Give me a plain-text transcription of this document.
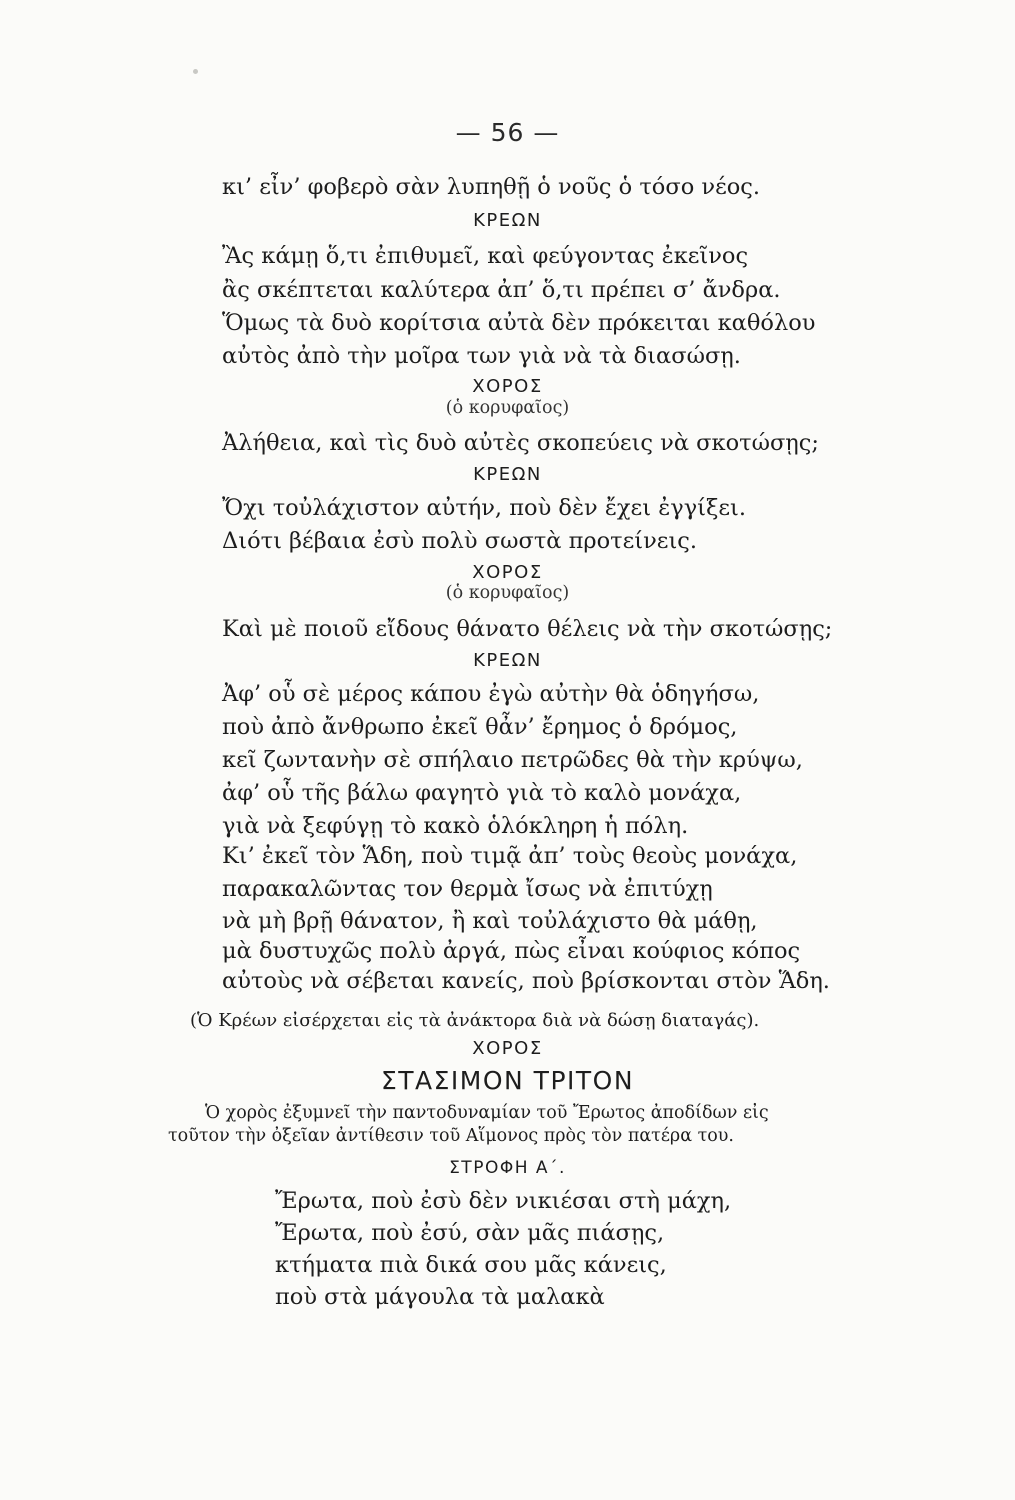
— 56 —
κι’ εἶν’ φοβερὸ σὰν λυπηθῇ ὁ νοῦς ὁ τόσο νέος.
ΚΡΕΩΝ
Ἂς κάμῃ ὅ,τι ἐπιθυμεῖ, καὶ φεύγοντας ἐκεῖνος
ἂς σκέπτεται καλύτερα ἀπ’ ὅ,τι πρέπει σ’ ἄνδρα.
Ὅμως τὰ δυὸ κορίτσια αὐτὰ δὲν πρόκειται καθόλου
αὐτὸς ἀπὸ τὴν μοῖρα των γιὰ νὰ τὰ διασώσῃ.
ΧΟΡΟΣ
(ὁ κορυφαῖος)
Ἀλήθεια, καὶ τὶς δυὸ αὐτὲς σκοπεύεις νὰ σκοτώσῃς;
ΚΡΕΩΝ
Ὄχι τοὐλάχιστον αὐτήν, ποὺ δὲν ἔχει ἐγγίξει.
Διότι βέβαια ἐσὺ πολὺ σωστὰ προτείνεις.
ΧΟΡΟΣ
(ὁ κορυφαῖος)
Καὶ μὲ ποιοῦ εἴδους θάνατο θέλεις νὰ τὴν σκοτώσῃς;
ΚΡΕΩΝ
Ἀφ’ οὗ σὲ μέρος κάπου ἐγὼ αὐτὴν θὰ ὁδηγήσω,
ποὺ ἀπὸ ἄνθρωπο ἐκεῖ θἆν’ ἔρημος ὁ δρόμος,
κεῖ ζωντανὴν σὲ σπήλαιο πετρῶδες θὰ τὴν κρύψω,
ἀφ’ οὗ τῆς βάλω φαγητὸ γιὰ τὸ καλὸ μονάχα,
γιὰ νὰ ξεφύγῃ τὸ κακὸ ὁλόκληρη ἡ πόλη.
Κι’ ἐκεῖ τὸν Ἅδη, ποὺ τιμᾷ ἀπ’ τοὺς θεοὺς μονάχα,
παρακαλῶντας τον θερμὰ ἴσως νὰ ἐπιτύχῃ
νὰ μὴ βρῇ θάνατον, ἢ καὶ τοὐλάχιστο θὰ μάθῃ,
μὰ δυστυχῶς πολὺ ἀργά, πὼς εἶναι κούφιος κόπος
αὐτοὺς νὰ σέβεται κανείς, ποὺ βρίσκονται στὸν Ἅδη.
(Ὁ Κρέων εἰσέρχεται εἰς τὰ ἀνάκτορα διὰ νὰ δώσῃ διαταγάς).
ΧΟΡΟΣ
ΣΤΑΣΙΜΟΝ ΤΡΙΤΟΝ
Ὁ χορὸς ἐξυμνεῖ τὴν παντοδυναμίαν τοῦ Ἔρωτος ἀποδίδων εἰς
τοῦτον τὴν ὀξεῖαν ἀντίθεσιν τοῦ Αἵμονος πρὸς τὸν πατέρα του.
ΣΤΡΟΦΗ Α΄.
Ἔρωτα, ποὺ ἐσὺ δὲν νικιέσαι στὴ μάχη,
Ἔρωτα, ποὺ ἐσύ, σὰν μᾶς πιάσῃς,
κτήματα πιὰ δικά σου μᾶς κάνεις,
ποὺ στὰ μάγουλα τὰ μαλακὰ
